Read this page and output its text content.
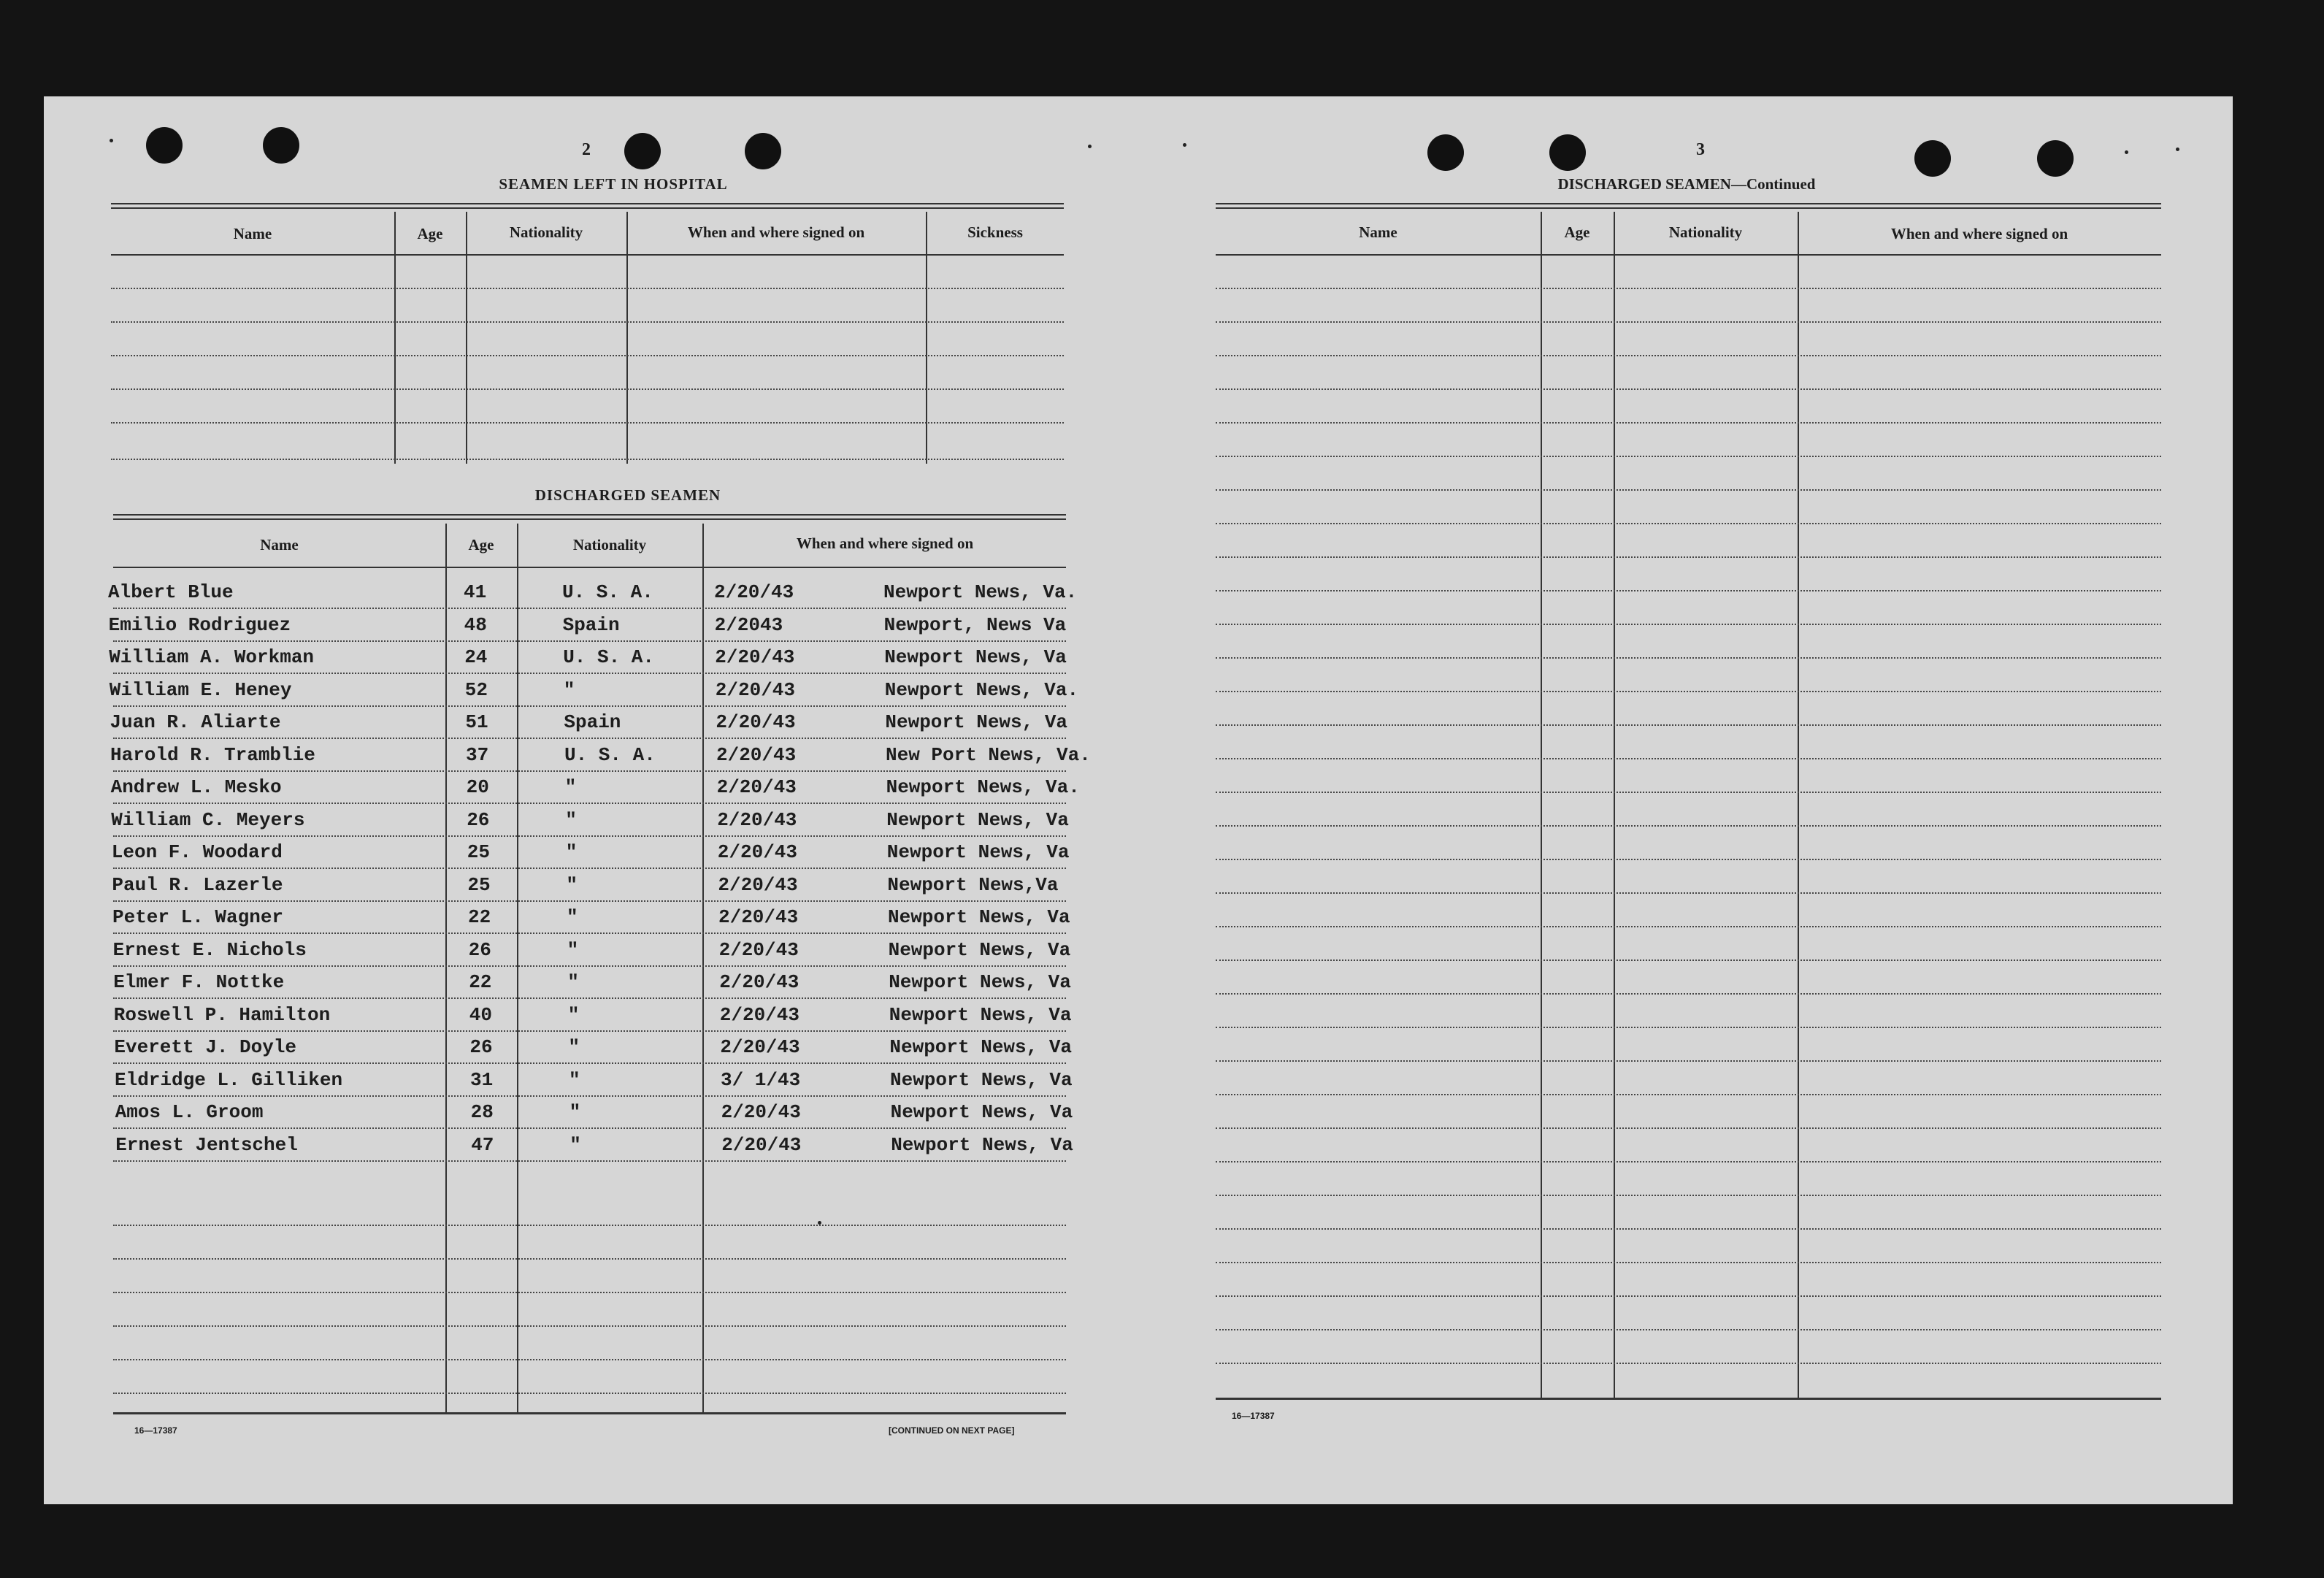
2
SEAMEN LEFT IN HOSPITAL
Name	Age	Nationality	When and where signed on	Sickness
DISCHARGED SEAMEN
Name	Age	Nationality	When and where signed on
Albert Blue	41	U. S. A.	2/20/43	Newport News, Va.
Emilio Rodriguez	48	Spain	2/2043	Newport, News Va
William A. Workman	24	U. S. A.	2/20/43	Newport News, Va
William E. Heney	52	"	2/20/43	Newport News, Va.
Juan R. Aliarte	51	Spain	2/20/43	Newport News, Va
Harold R. Tramblie	37	U. S. A.	2/20/43	New Port News, Va.
Andrew L. Mesko	20	"	2/20/43	Newport News, Va.
William C. Meyers	26	"	2/20/43	Newport News, Va
Leon F. Woodard	25	"	2/20/43	Newport News, Va
Paul R. Lazerle	25	"	2/20/43	Newport News,Va
Peter L. Wagner	22	"	2/20/43	Newport News, Va
Ernest E. Nichols	26	"	2/20/43	Newport News, Va
Elmer F. Nottke	22	"	2/20/43	Newport News, Va
Roswell P. Hamilton	40	"	2/20/43	Newport News, Va
Everett J. Doyle	26	"	2/20/43	Newport News, Va
Eldridge L. Gilliken	31	"	3/ 1/43	Newport News, Va
Amos L. Groom	28	"	2/20/43	Newport News, Va
Ernest Jentschel	47	"	2/20/43	Newport News, Va
16—17387	[CONTINUED ON NEXT PAGE]
3
DISCHARGED SEAMEN—Continued
Name	Age	Nationality	When and where signed on
16—17387
